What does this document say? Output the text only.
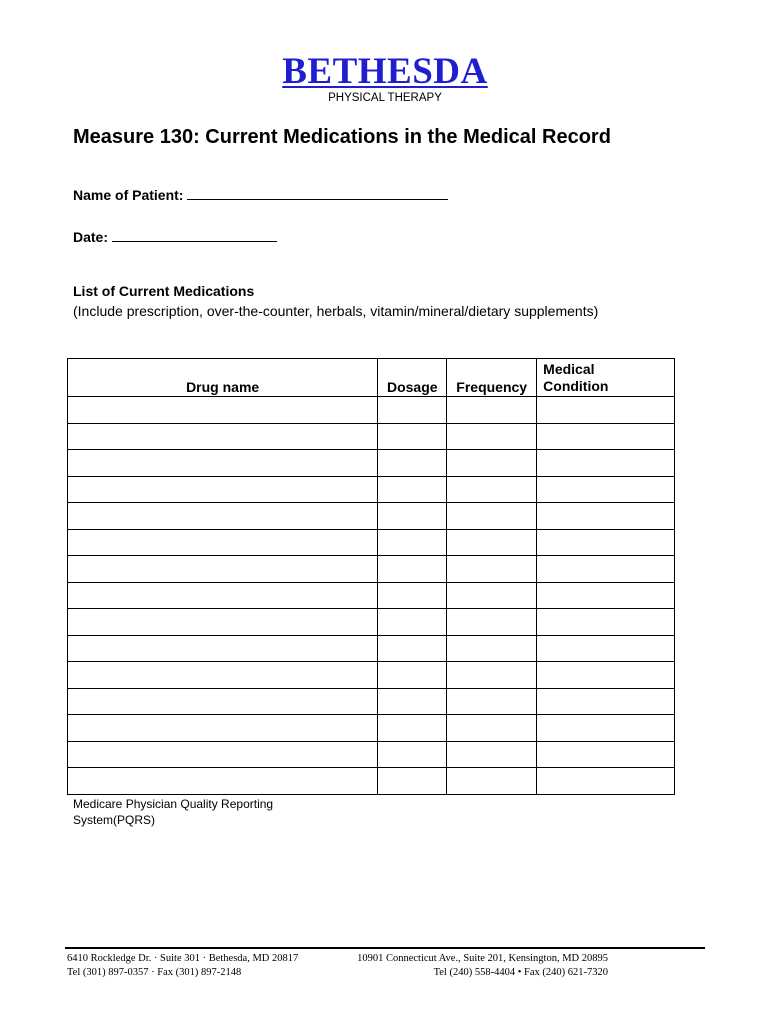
BETHESDA
PHYSICAL THERAPY
Measure 130: Current Medications in the Medical Record
Name of Patient:
Date:
List of Current Medications
(Include prescription, over-the-counter, herbals, vitamin/mineral/dietary supplements)
Drug name	Dosage	Frequency	Medical
Condition

Medicare Physician Quality Reporting
System(PQRS)
6410 Rockledge Dr. · Suite 301 · Bethesda, MD 20817
Tel (301) 897-0357 · Fax (301) 897-2148
10901 Connecticut Ave., Suite 201, Kensington, MD 20895
Tel (240) 558-4404 • Fax (240) 621-7320
